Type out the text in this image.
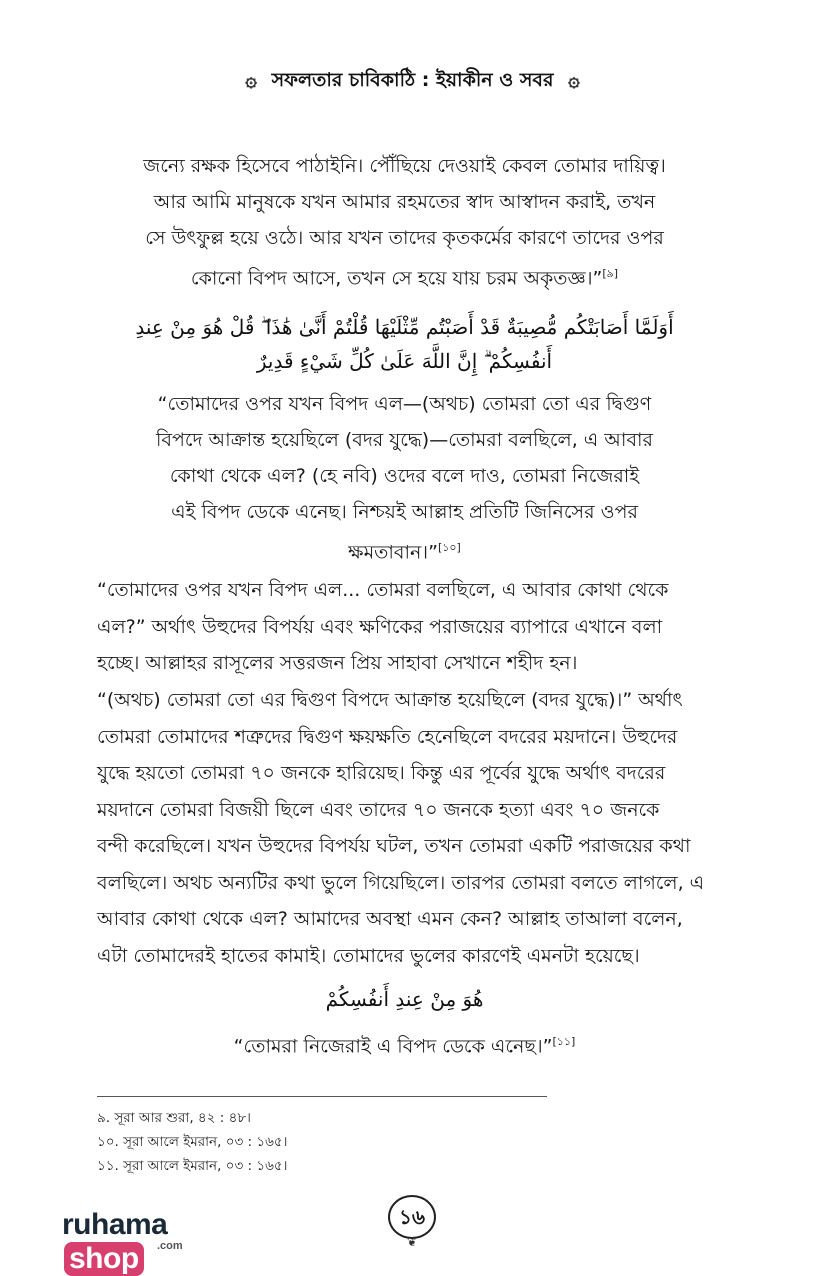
۞ সফলতার চাবিকাঠি : ইয়াকীন ও সবর ۞
জন্যে রক্ষক হিসেবে পাঠাইনি। পৌঁছিয়ে দেওয়াই কেবল তোমার দায়িত্ব।
আর আমি মানুষকে যখন আমার রহমতের স্বাদ আস্বাদন করাই, তখন
সে উৎফুল্ল হয়ে ওঠে। আর যখন তাদের কৃতকর্মের কারণে তাদের ওপর
কোনো বিপদ আসে, তখন সে হয়ে যায় চরম অকৃতজ্ঞ।”[৯]
أَوَلَمَّا أَصَابَتْكُم مُّصِيبَةٌ قَدْ أَصَبْتُم مِّثْلَيْهَا قُلْتُمْ أَنَّىٰ هَٰذَا ۖ قُلْ هُوَ مِنْ عِندِ
أَنفُسِكُمْ ۗ إِنَّ اللَّهَ عَلَىٰ كُلِّ شَيْءٍ قَدِيرٌ
“তোমাদের ওপর যখন বিপদ এল—(অথচ) তোমরা তো এর দ্বিগুণ
বিপদে আক্রান্ত হয়েছিলে (বদর যুদ্ধে)—তোমরা বলছিলে, এ আবার
কোথা থেকে এল? (হে নবি) ওদের বলে দাও, তোমরা নিজেরাই
এই বিপদ ডেকে এনেছ। নিশ্চয়ই আল্লাহ প্রতিটি জিনিসের ওপর
ক্ষমতাবান।”[১০]
“তোমাদের ওপর যখন বিপদ এল... তোমরা বলছিলে, এ আবার কোথা থেকে
এল?” অর্থাৎ উহুদের বিপর্যয় এবং ক্ষণিকের পরাজয়ের ব্যাপারে এখানে বলা
হচ্ছে। আল্লাহর রাসূলের সত্তরজন প্রিয় সাহাবা সেখানে শহীদ হন।
“(অথচ) তোমরা তো এর দ্বিগুণ বিপদে আক্রান্ত হয়েছিলে (বদর যুদ্ধে)।” অর্থাৎ
তোমরা তোমাদের শত্রুদের দ্বিগুণ ক্ষয়ক্ষতি হেনেছিলে বদরের ময়দানে। উহুদের
যুদ্ধে হয়তো তোমরা ৭০ জনকে হারিয়েছ। কিন্তু এর পূর্বের যুদ্ধে অর্থাৎ বদরের
ময়দানে তোমরা বিজয়ী ছিলে এবং তাদের ৭০ জনকে হত্যা এবং ৭০ জনকে
বন্দী করেছিলে। যখন উহুদের বিপর্যয় ঘটল, তখন তোমরা একটি পরাজয়ের কথা
বলছিলে। অথচ অন্যটির কথা ভুলে গিয়েছিলে। তারপর তোমরা বলতে লাগলে, এ
আবার কোথা থেকে এল? আমাদের অবস্থা এমন কেন? আল্লাহ তাআলা বলেন,
এটা তোমাদেরই হাতের কামাই। তোমাদের ভুলের কারণেই এমনটা হয়েছে।
هُوَ مِنْ عِندِ أَنفُسِكُمْ
“তোমরা নিজেরাই এ বিপদ ডেকে এনেছ।”[১১]
৯. সূরা আর শুরা, ৪২ : ৪৮।
১০. সূরা আলে ইমরান, ০৩ : ১৬৫।
১১. সূরা আলে ইমরান, ০৩ : ১৬৫।
ruhamashop .com
১৬
❦
